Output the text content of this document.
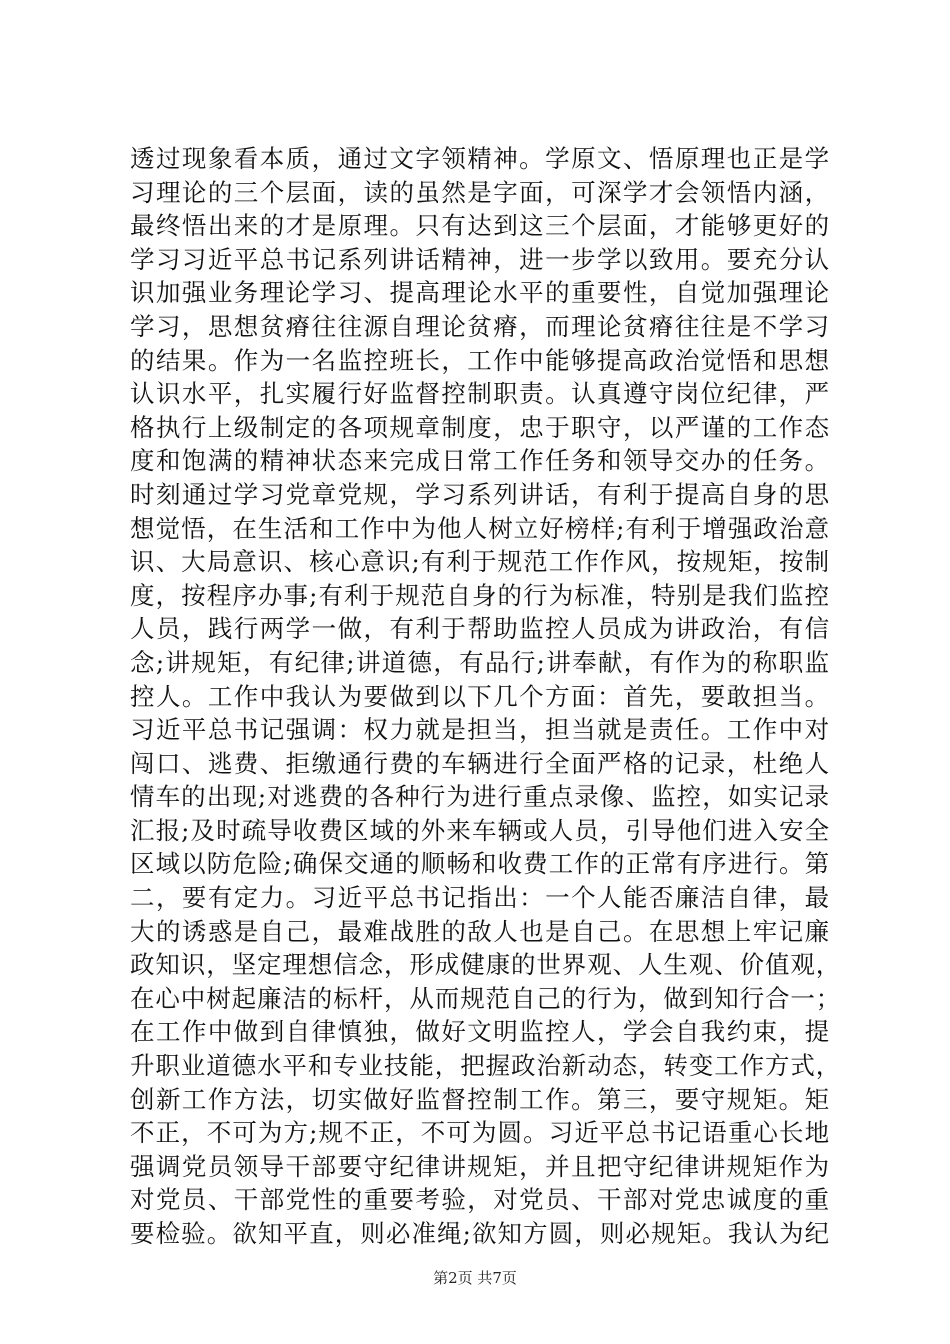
透过现象看本质，通过文字领精神。学原文、悟原理也正是学
习理论的三个层面，读的虽然是字面，可深学才会领悟内涵，
最终悟出来的才是原理。只有达到这三个层面，才能够更好的
学习习近平总书记系列讲话精神，进一步学以致用。要充分认
识加强业务理论学习、提高理论水平的重要性，自觉加强理论
学习，思想贫瘠往往源自理论贫瘠，而理论贫瘠往往是不学习
的结果。作为一名监控班长，工作中能够提高政治觉悟和思想
认识水平，扎实履行好监督控制职责。认真遵守岗位纪律，严
格执行上级制定的各项规章制度，忠于职守，以严谨的工作态
度和饱满的精神状态来完成日常工作任务和领导交办的任务。
时刻通过学习党章党规，学习系列讲话，有利于提高自身的思
想觉悟，在生活和工作中为他人树立好榜样;有利于增强政治意
识、大局意识、核心意识;有利于规范工作作风，按规矩，按制
度，按程序办事;有利于规范自身的行为标准，特别是我们监控
人员，践行两学一做，有利于帮助监控人员成为讲政治，有信
念;讲规矩，有纪律;讲道德，有品行;讲奉献，有作为的称职监
控人。工作中我认为要做到以下几个方面：首先，要敢担当。
习近平总书记强调：权力就是担当，担当就是责任。工作中对
闯口、逃费、拒缴通行费的车辆进行全面严格的记录，杜绝人
情车的出现;对逃费的各种行为进行重点录像、监控，如实记录
汇报;及时疏导收费区域的外来车辆或人员，引导他们进入安全
区域以防危险;确保交通的顺畅和收费工作的正常有序进行。第
二，要有定力。习近平总书记指出：一个人能否廉洁自律，最
大的诱惑是自己，最难战胜的敌人也是自己。在思想上牢记廉
政知识，坚定理想信念，形成健康的世界观、人生观、价值观，
在心中树起廉洁的标杆，从而规范自己的行为，做到知行合一；
在工作中做到自律慎独，做好文明监控人，学会自我约束，提
升职业道德水平和专业技能，把握政治新动态，转变工作方式，
创新工作方法，切实做好监督控制工作。第三，要守规矩。矩
不正，不可为方;规不正，不可为圆。习近平总书记语重心长地
强调党员领导干部要守纪律讲规矩，并且把守纪律讲规矩作为
对党员、干部党性的重要考验，对党员、干部对党忠诚度的重
要检验。欲知平直，则必准绳;欲知方圆，则必规矩。我认为纪
第2页 共7页
